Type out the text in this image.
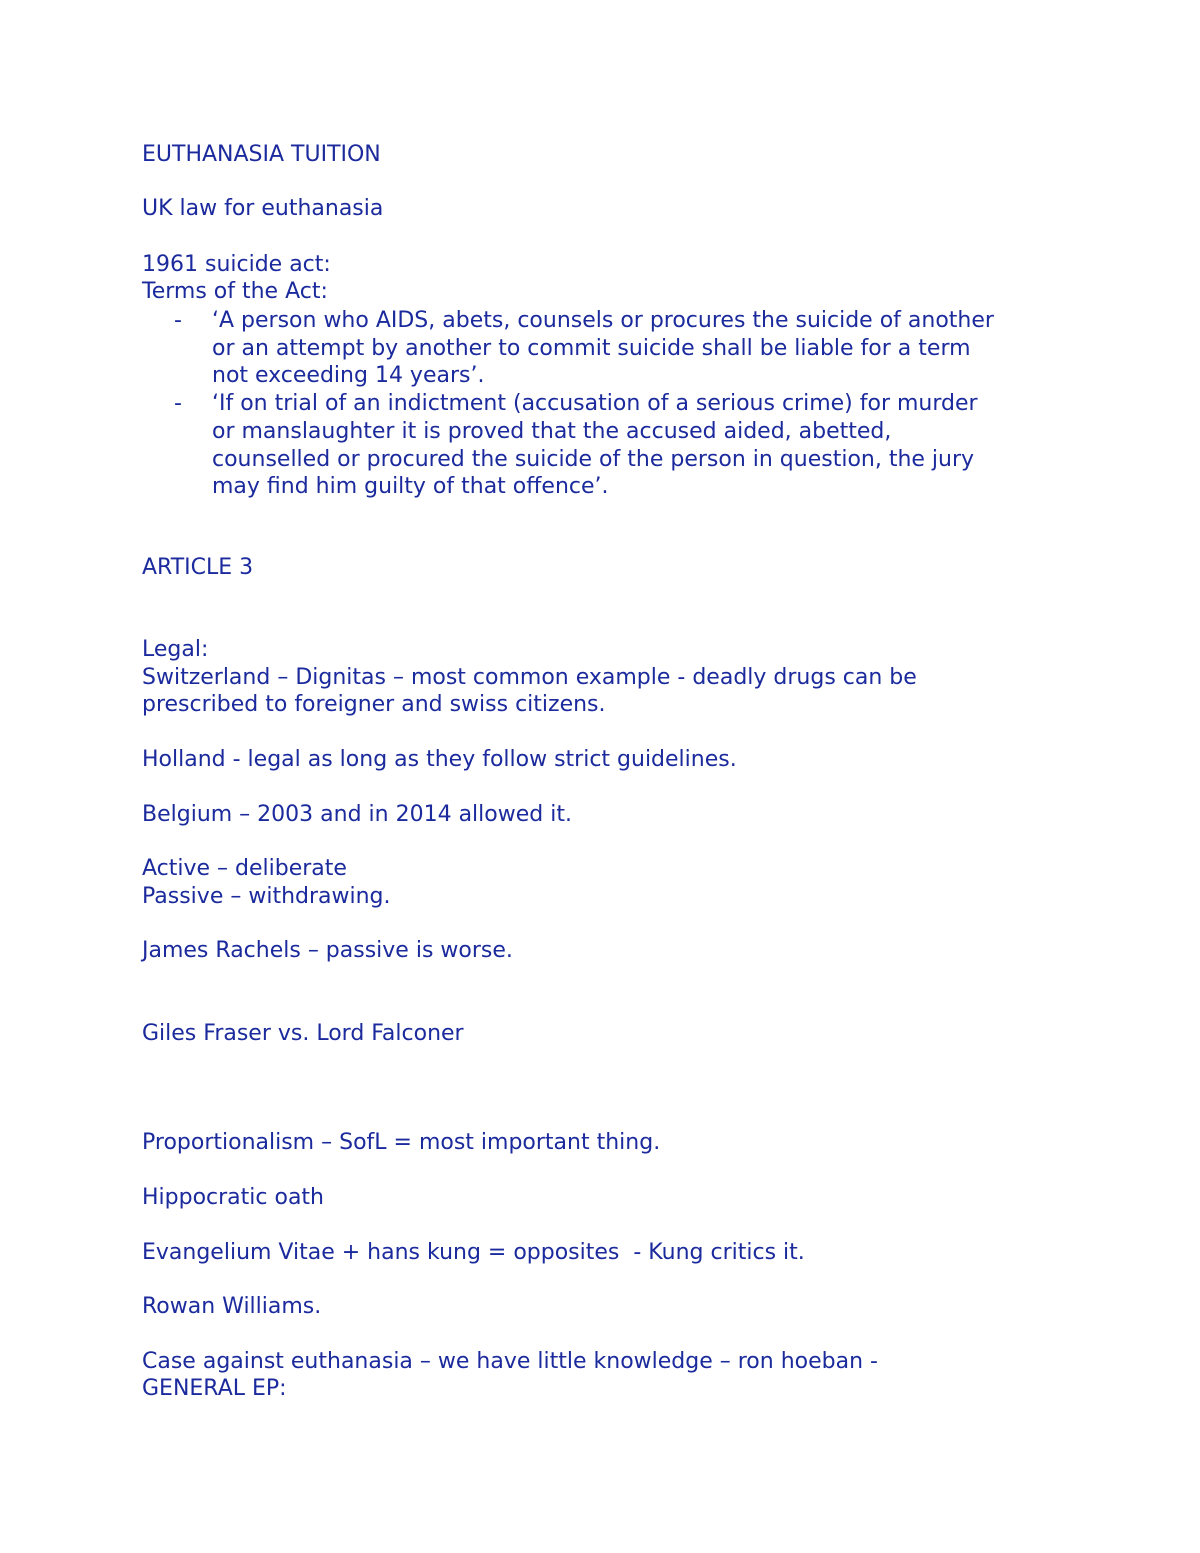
EUTHANASIA TUITION

UK law for euthanasia

1961 suicide act:

Terms of the Act:

- ‘A person who AIDS, abets, counsels or procures the suicide of another
or an attempt by another to commit suicide shall be liable for a term
not exceeding 14 years’.
- ‘If on trial of an indictment (accusation of a serious crime) for murder
or manslaughter it is proved that the accused aided, abetted,
counselled or procured the suicide of the person in question, the jury
may find him guilty of that offence’.

ARTICLE 3

Legal:

Switzerland – Dignitas – most common example - deadly drugs can be

prescribed to foreigner and swiss citizens.

Holland - legal as long as they follow strict guidelines.

Belgium – 2003 and in 2014 allowed it.

Active – deliberate

Passive – withdrawing.

James Rachels – passive is worse.

Giles Fraser vs. Lord Falconer

Proportionalism – SofL = most important thing.

Hippocratic oath

Evangelium Vitae + hans kung = opposites  - Kung critics it.

Rowan Williams.

Case against euthanasia – we have little knowledge – ron hoeban -

GENERAL EP:
